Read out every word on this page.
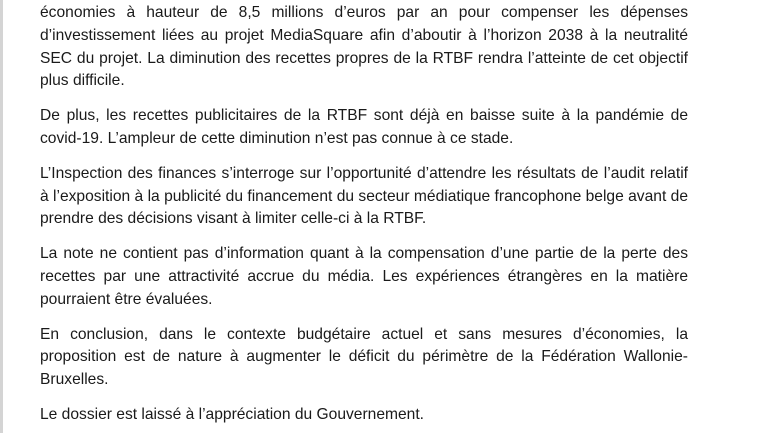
économies à hauteur de 8,5 millions d’euros par an pour compenser les dépenses d’investissement liées au projet MediaSquare afin d’aboutir à l’horizon 2038 à la neutralité SEC du projet. La diminution des recettes propres de la RTBF rendra l’atteinte de cet objectif plus difficile.

De plus, les recettes publicitaires de la RTBF sont déjà en baisse suite à la pandémie de covid-19. L’ampleur de cette diminution n’est pas connue à ce stade.

L’Inspection des finances s’interroge sur l’opportunité d’attendre les résultats de l’audit relatif à l’exposition à la publicité du financement du secteur médiatique francophone belge avant de prendre des décisions visant à limiter celle-ci à la RTBF.

La note ne contient pas d’information quant à la compensation d’une partie de la perte des recettes par une attractivité accrue du média. Les expériences étrangères en la matière pourraient être évaluées.

En conclusion, dans le contexte budgétaire actuel et sans mesures d’économies, la proposition est de nature à augmenter le déficit du périmètre de la Fédération Wallonie-Bruxelles.

Le dossier est laissé à l’appréciation du Gouvernement.
